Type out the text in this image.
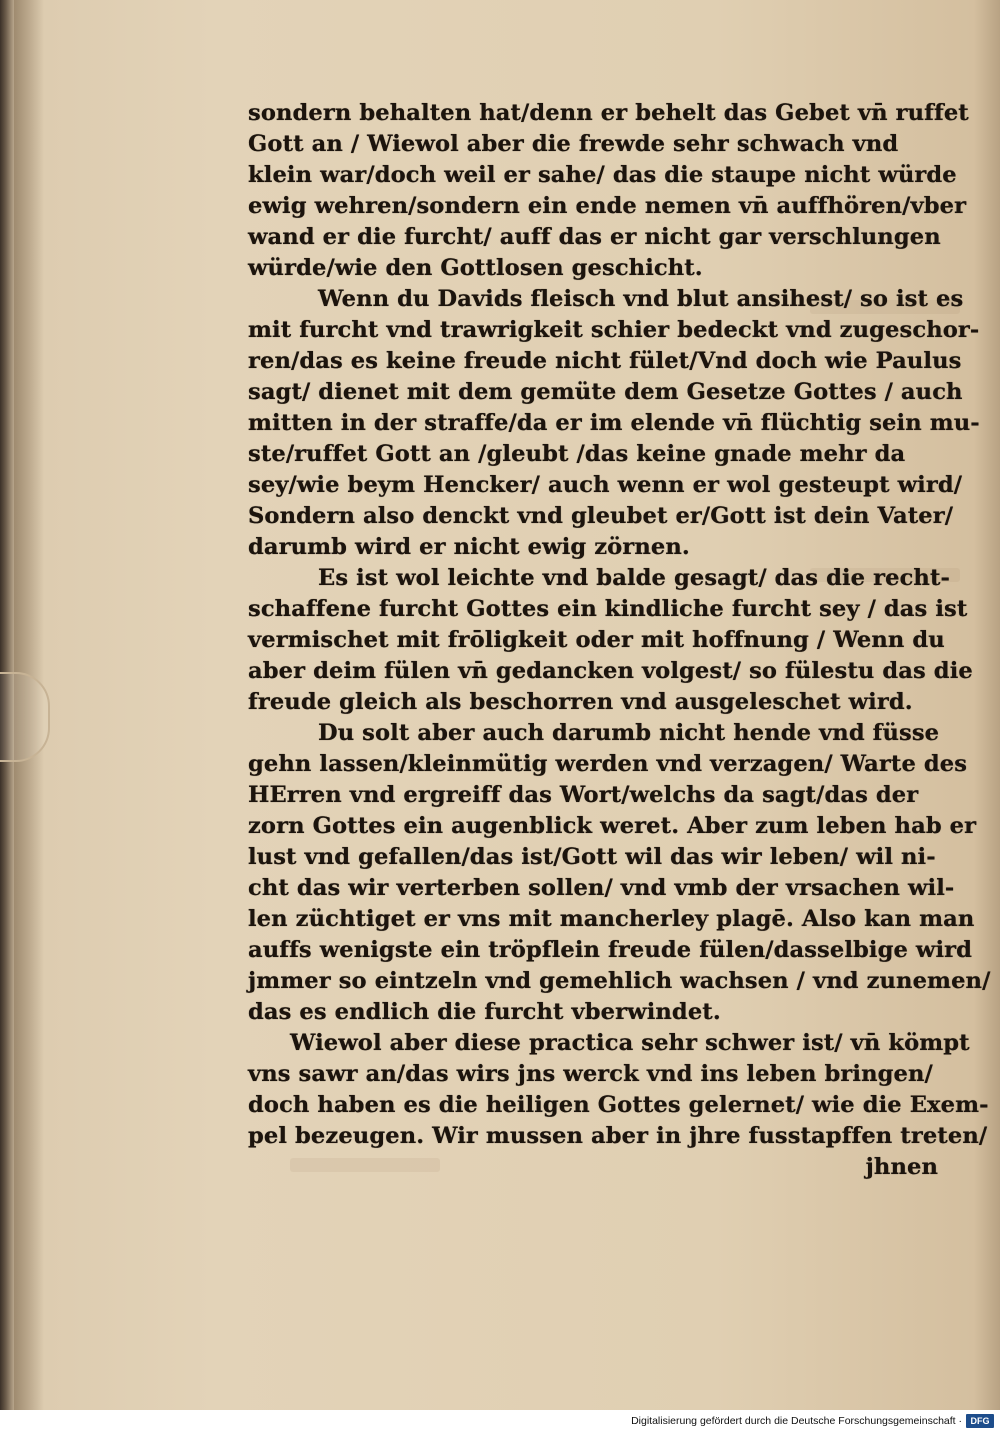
sondern behalten hat/denn er behelt das Gebet vn̄ ruffet
Gott an / Wiewol aber die frewde sehr schwach vnd
klein war/doch weil er sahe/ das die staupe nicht würde
ewig wehren/sondern ein ende nemen vn̄ auffhören/vber
wand er die furcht/ auff das er nicht gar verschlungen
würde/wie den Gottlosen geschicht.
Wenn du Davids fleisch vnd blut ansihest/ so ist es
mit furcht vnd trawrigkeit schier bedeckt vnd zugeschor-
ren/das es keine freude nicht fület/Vnd doch wie Paulus
sagt/ dienet mit dem gemüte dem Gesetze Gottes / auch
mitten in der straffe/da er im elende vn̄ flüchtig sein mu-
ste/ruffet Gott an /gleubt /das keine gnade mehr da
sey/wie beym Hencker/ auch wenn er wol gesteupt wird/
Sondern also denckt vnd gleubet er/Gott ist dein Vater/
darumb wird er nicht ewig zörnen.
Es ist wol leichte vnd balde gesagt/ das die recht-
schaffene furcht Gottes ein kindliche furcht sey / das ist
vermischet mit frōligkeit oder mit hoffnung / Wenn du
aber deim fülen vn̄ gedancken volgest/ so fülestu das die
freude gleich als beschorren vnd ausgeleschet wird.
Du solt aber auch darumb nicht hende vnd füsse
gehn lassen/kleinmütig werden vnd verzagen/ Warte des
HErren vnd ergreiff das Wort/welchs da sagt/das der
zorn Gottes ein augenblick weret. Aber zum leben hab er
lust vnd gefallen/das ist/Gott wil das wir leben/ wil ni-
cht das wir verterben sollen/ vnd vmb der vrsachen wil-
len züchtiget er vns mit mancherley plagē. Also kan man
auffs wenigste ein tröpflein freude fülen/dasselbige wird
jmmer so eintzeln vnd gemehlich wachsen / vnd zunemen/
das es endlich die furcht vberwindet.
Wiewol aber diese practica sehr schwer ist/ vn̄ kömpt
vns sawr an/das wirs jns werck vnd ins leben bringen/
doch haben es die heiligen Gottes gelernet/ wie die Exem-
pel bezeugen. Wir mussen aber in jhre fusstapffen treten/
jhnen
Digitalisierung gefördert durch die Deutsche Forschungsgemeinschaft · DFG
